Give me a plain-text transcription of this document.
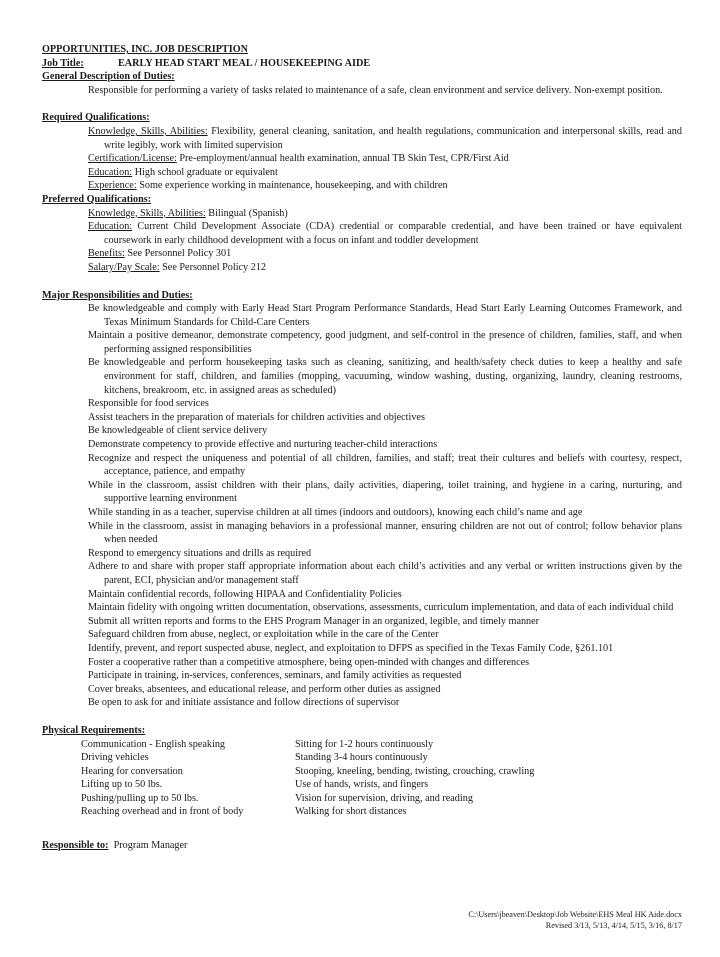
OPPORTUNITIES, INC. JOB DESCRIPTION
Job Title:	EARLY HEAD START MEAL / HOUSEKEEPING AIDE
General Description of Duties:
Responsible for performing a variety of tasks related to maintenance of a safe, clean environment and service delivery. Non-exempt position.
Required Qualifications:
Knowledge, Skills, Abilities: Flexibility, general cleaning, sanitation, and health regulations, communication and interpersonal skills, read and write legibly, work with limited supervision
Certification/License: Pre-employment/annual health examination, annual TB Skin Test, CPR/First Aid
Education: High school graduate or equivalent
Experience: Some experience working in maintenance, housekeeping, and with children
Preferred Qualifications:
Knowledge, Skills, Abilities: Bilingual (Spanish)
Education: Current Child Development Associate (CDA) credential or comparable credential, and have been trained or have equivalent coursework in early childhood development with a focus on infant and toddler development
Benefits: See Personnel Policy 301
Salary/Pay Scale: See Personnel Policy 212
Major Responsibilities and Duties:
Be knowledgeable and comply with Early Head Start Program Performance Standards, Head Start Early Learning Outcomes Framework, and Texas Minimum Standards for Child-Care Centers
Maintain a positive demeanor, demonstrate competency, good judgment, and self-control in the presence of children, families, staff, and when performing assigned responsibilities
Be knowledgeable and perform housekeeping tasks such as cleaning, sanitizing, and health/safety check duties to keep a healthy and safe environment for staff, children, and families (mopping, vacuuming, window washing, dusting, organizing, laundry, cleaning restrooms, kitchens, breakroom, etc. in assigned areas as scheduled)
Responsible for food services
Assist teachers in the preparation of materials for children activities and objectives
Be knowledgeable of client service delivery
Demonstrate competency to provide effective and nurturing teacher-child interactions
Recognize and respect the uniqueness and potential of all children, families, and staff; treat their cultures and beliefs with courtesy, respect, acceptance, patience, and empathy
While in the classroom, assist children with their plans, daily activities, diapering, toilet training, and hygiene in a caring, nurturing, and supportive learning environment
While standing in as a teacher, supervise children at all times (indoors and outdoors), knowing each child’s name and age
While in the classroom, assist in managing behaviors in a professional manner, ensuring children are not out of control; follow behavior plans when needed
Respond to emergency situations and drills as required
Adhere to and share with proper staff appropriate information about each child’s activities and any verbal or written instructions given by the parent, ECI, physician and/or management staff
Maintain confidential records, following HIPAA and Confidentiality Policies
Maintain fidelity with ongoing written documentation, observations, assessments, curriculum implementation, and data of each individual child
Submit all written reports and forms to the EHS Program Manager in an organized, legible, and timely manner
Safeguard children from abuse, neglect, or exploitation while in the care of the Center
Identify, prevent, and report suspected abuse, neglect, and exploitation to DFPS as specified in the Texas Family Code, §261.101
Foster a cooperative rather than a competitive atmosphere, being open-minded with changes and differences
Participate in training, in-services, conferences, seminars, and family activities as requested
Cover breaks, absentees, and educational release, and perform other duties as assigned
Be open to ask for and initiate assistance and follow directions of supervisor
Physical Requirements:
Communication - English speaking	Sitting for 1-2 hours continuously
Driving vehicles	Standing 3-4 hours continuously
Hearing for conversation	Stooping, kneeling, bending, twisting, crouching, crawling
Lifting up to 50 lbs.	Use of hands, wrists, and fingers
Pushing/pulling up to 50 lbs.	Vision for supervision, driving, and reading
Reaching overhead and in front of body	Walking for short distances
Responsible to: Program Manager
C:\Users\jbeaven\Desktop\Job Website\EHS Meal HK Aide.docx
Revised 3/13, 5/13, 4/14, 5/15, 3/16, 8/17
